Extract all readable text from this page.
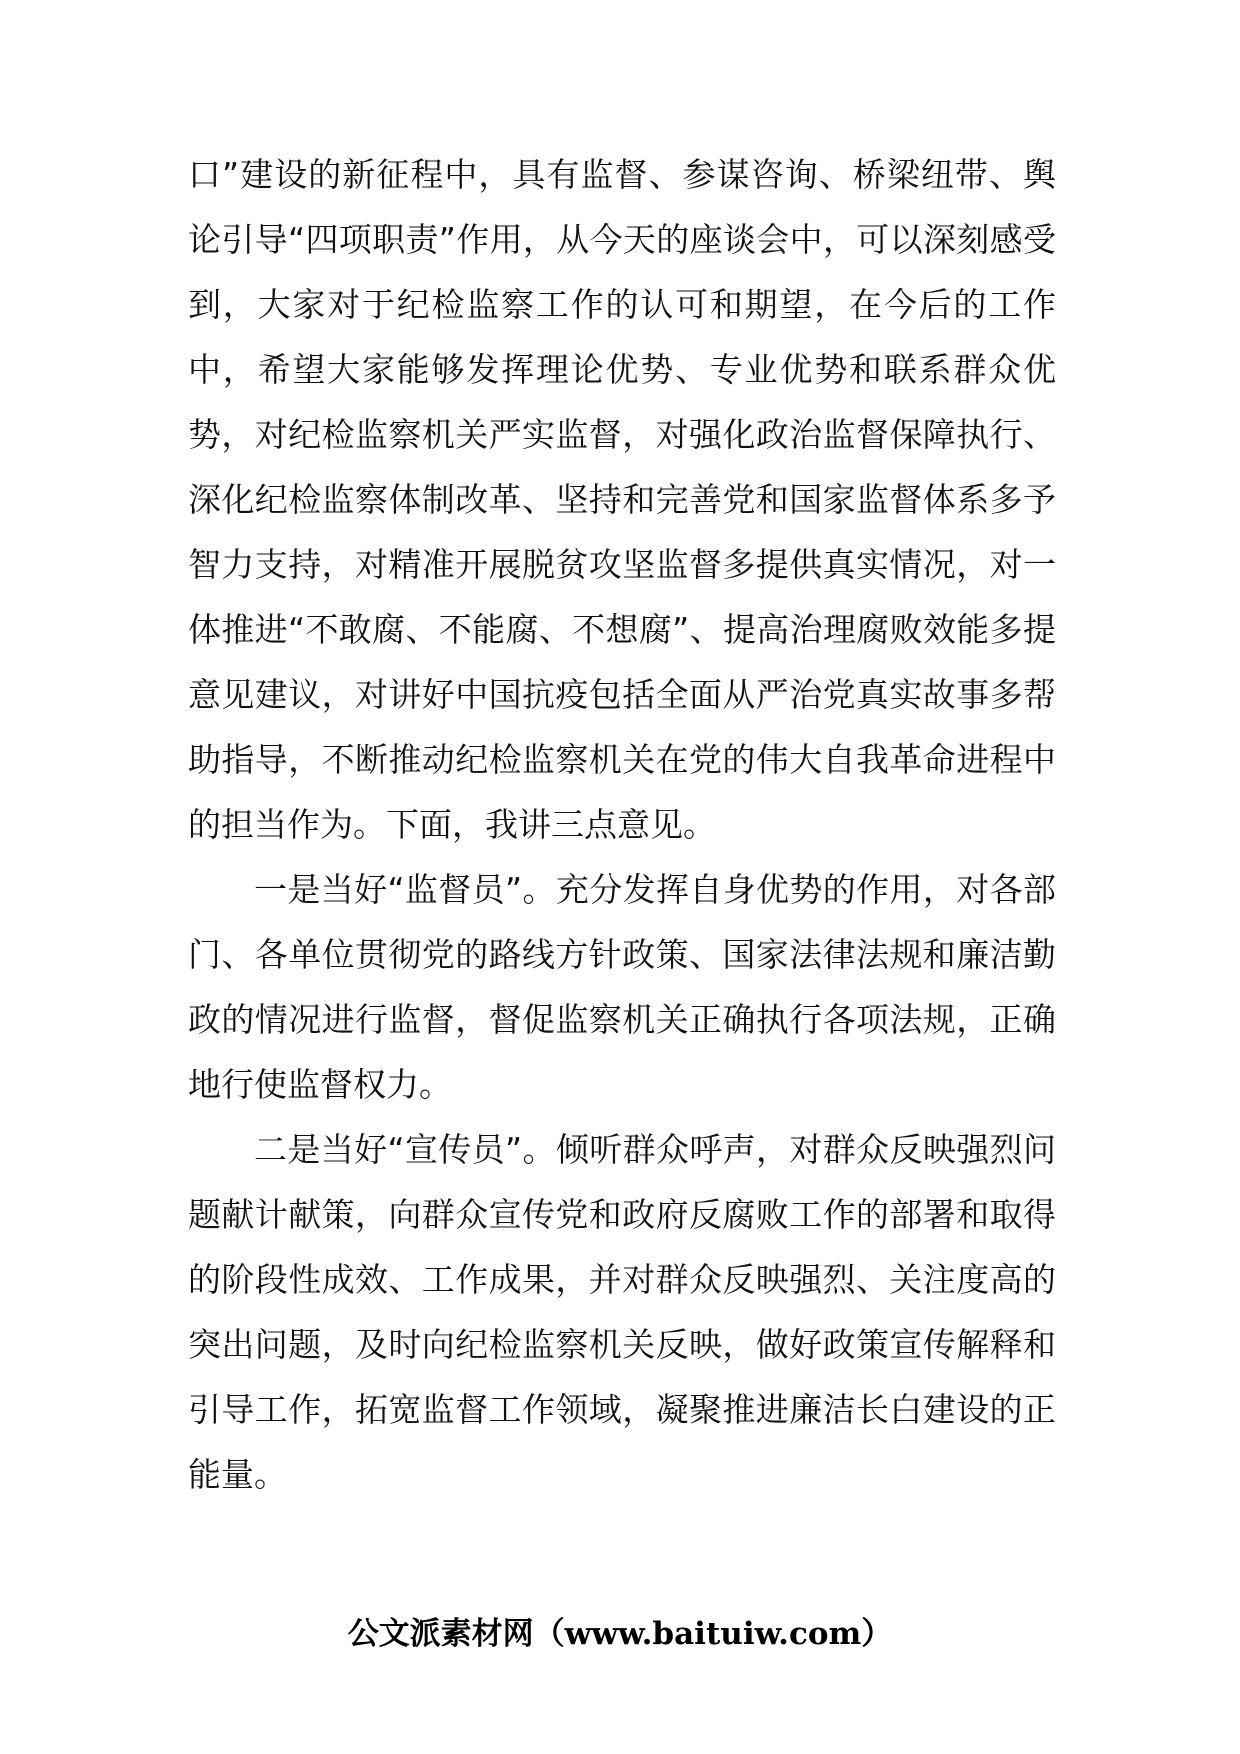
口”建设的新征程中，具有监督、参谋咨询、桥梁纽带、舆论引导“四项职责”作用，从今天的座谈会中，可以深刻感受到，大家对于纪检监察工作的认可和期望，在今后的工作中，希望大家能够发挥理论优势、专业优势和联系群众优势，对纪检监察机关严实监督，对强化政治监督保障执行、深化纪检监察体制改革、坚持和完善党和国家监督体系多予智力支持，对精准开展脱贫攻坚监督多提供真实情况，对一体推进“不敢腐、不能腐、不想腐”、提高治理腐败效能多提意见建议，对讲好中国抗疫包括全面从严治党真实故事多帮助指导，不断推动纪检监察机关在党的伟大自我革命进程中的担当作为。下面，我讲三点意见。

一是当好“监督员”。充分发挥自身优势的作用，对各部门、各单位贯彻党的路线方针政策、国家法律法规和廉洁勤政的情况进行监督，督促监察机关正确执行各项法规，正确地行使监督权力。

二是当好“宣传员”。倾听群众呼声，对群众反映强烈问题献计献策，向群众宣传党和政府反腐败工作的部署和取得的阶段性成效、工作成果，并对群众反映强烈、关注度高的突出问题，及时向纪检监察机关反映，做好政策宣传解释和引导工作，拓宽监督工作领域，凝聚推进廉洁长白建设的正能量。

公文派素材网（www.baituiw.com）
